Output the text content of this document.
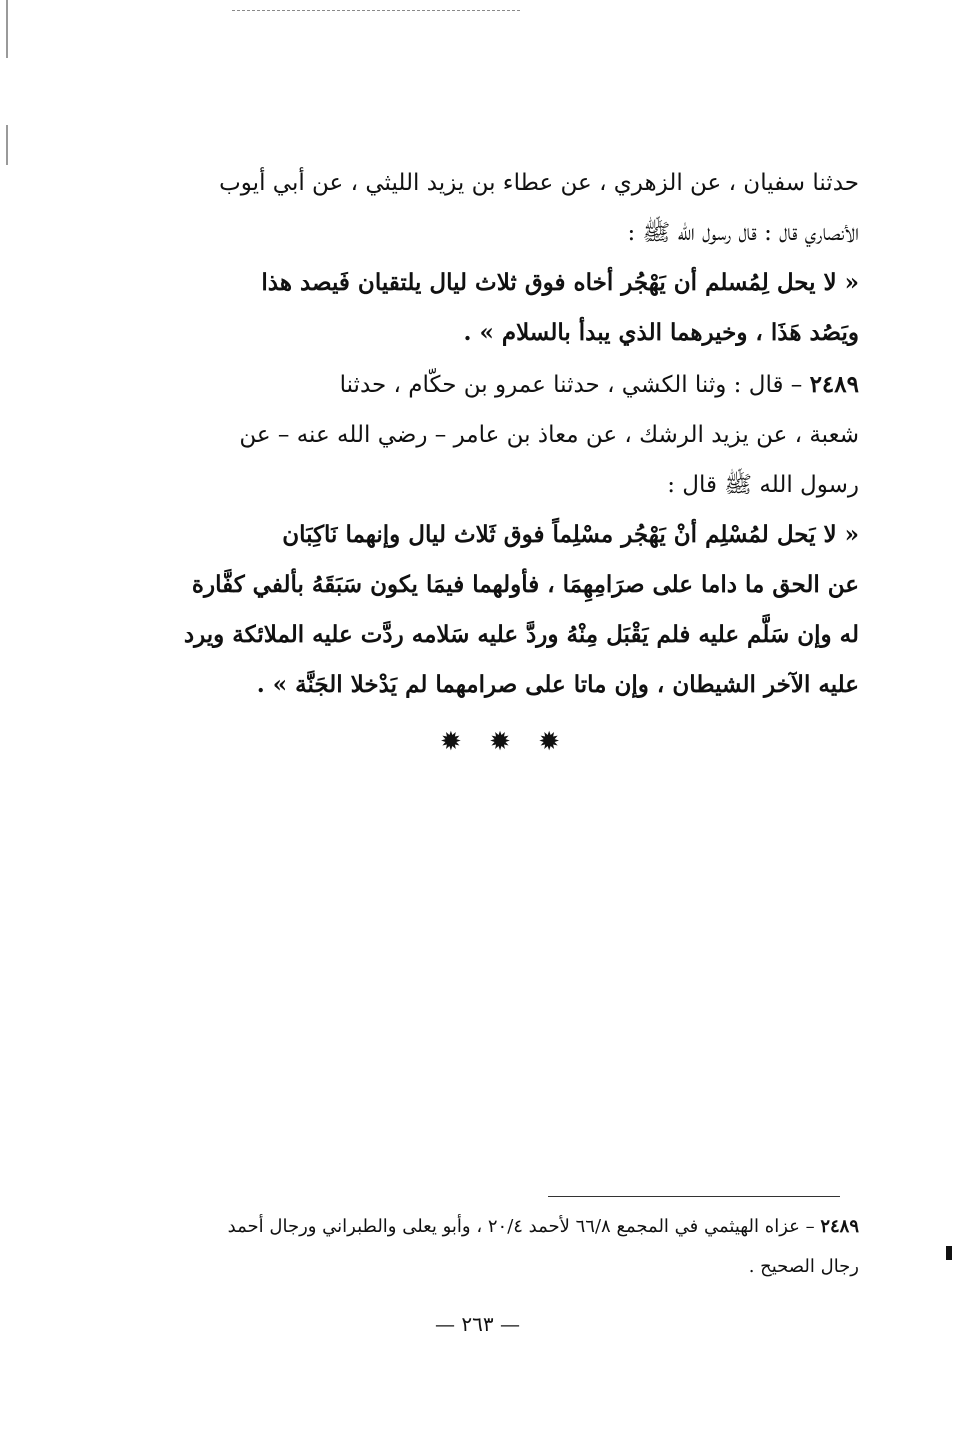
حدثنا سفيان ، عن الزهري ، عن عطاء بن يزيد الليثي ، عن أبي أيوب
الأنصاري قال : قال رسول الله ﷺ :

« لا يحل لِمُسلم أن يَهْجُر أخاه فوق ثلاث ليال يلتقيان فَيصد هذا
ويَصُد هَذَا ، وخيرهما الذي يبدأ بالسلام » .

٢٤٨٩ – قال : وثنا الكشي ، حدثنا عمرو بن حكّام ، حدثنا
شعبة ، عن يزيد الرشك ، عن معاذ بن عامر – رضي الله عنه – عن
رسول الله ﷺ قال :

« لا يَحل لمُسْلِم أنْ يَهْجُر مسْلِماً فوق ثَلاث ليال وإنهما نَاكِبَان
عن الحق ما داما على صرَامِهِمَا ، فأولهما فيمَا يكون سَبَقَهُ بألفي كفَّارة
له وإن سَلَّم عليه فلم يَقْبَل مِنْهُ وردَّ عليه سَلامه ردَّت عليه الملائكة ويرد
عليه الآخر الشيطان ، وإن ماتا على صرامهما لم يَدْخلا الجَنَّة » .

✹
✹
✹

٢٤٨٩ – عزاه الهيثمي في المجمع ٦٦/٨ لأحمد ٢٠/٤ ، وأبو يعلى والطبراني ورجال أحمد
رجال الصحيح .

— ٢٦٣ —
